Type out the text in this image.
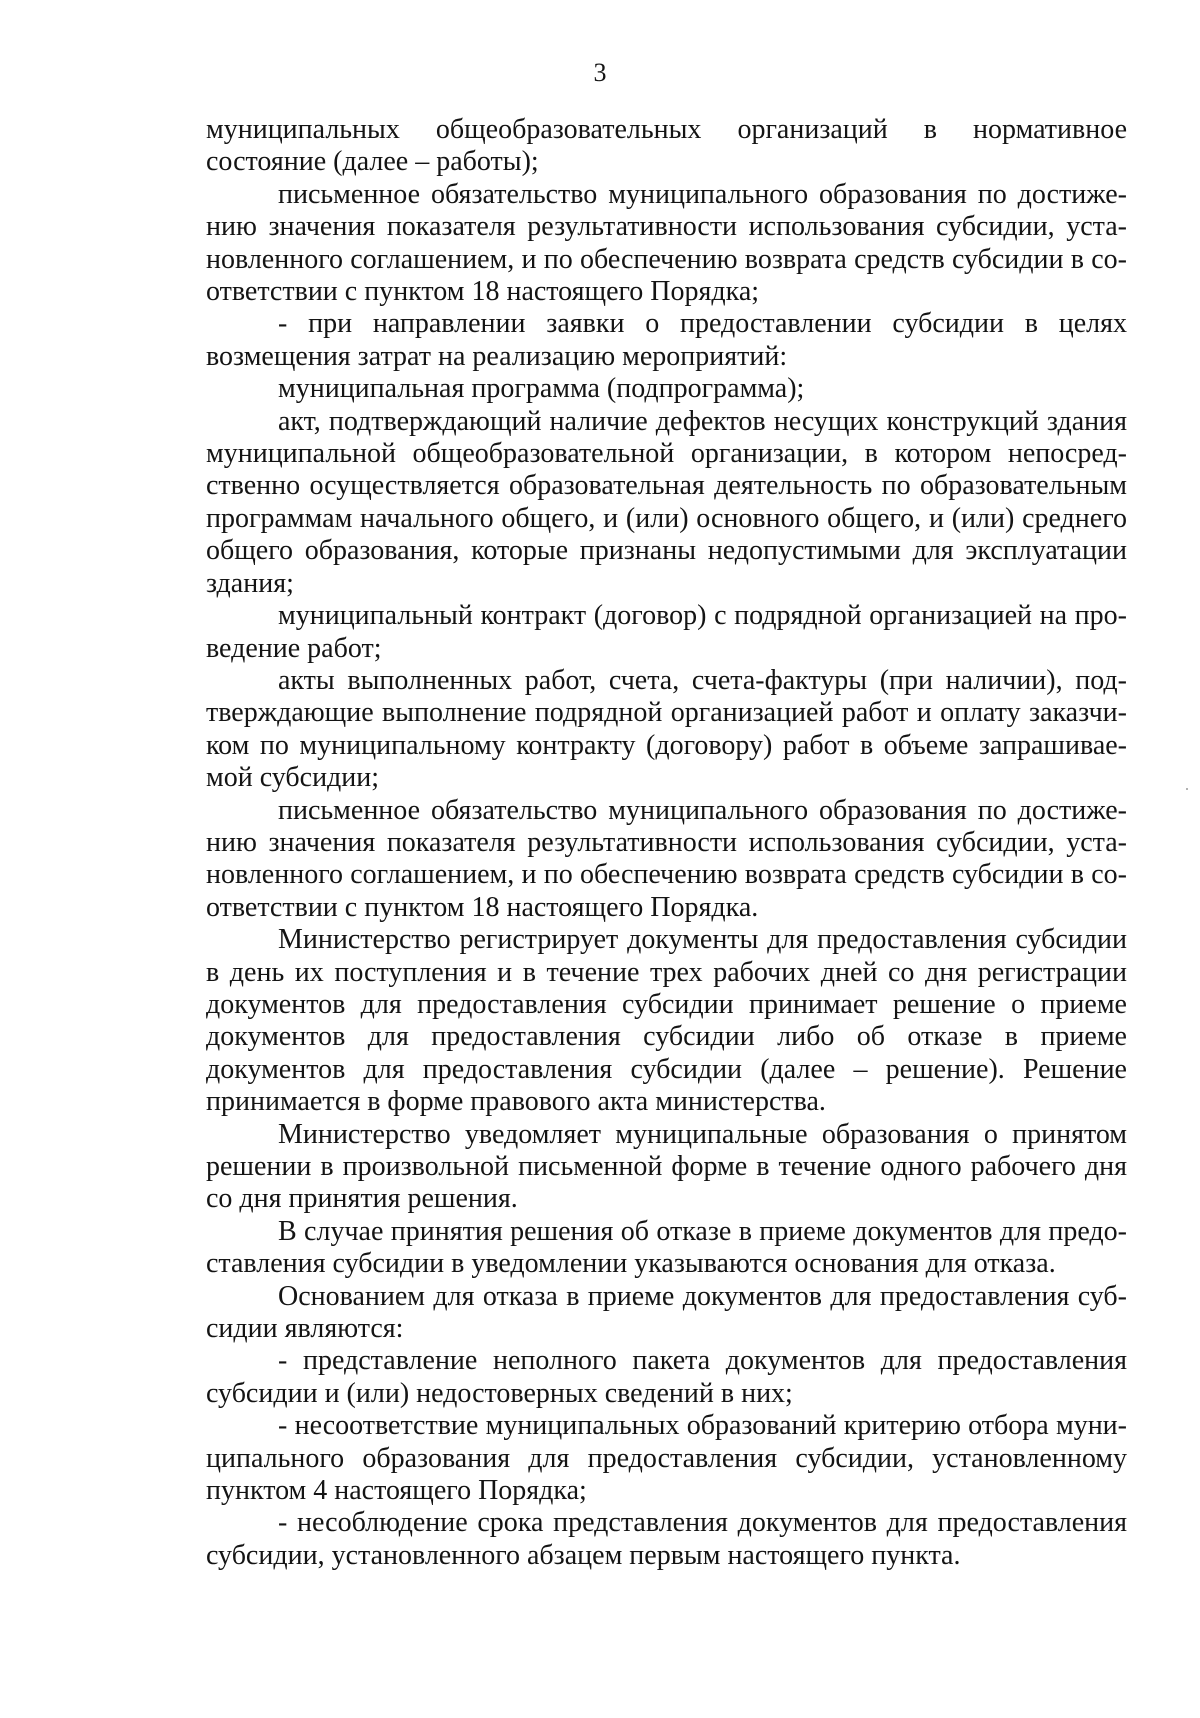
3

муниципальных общеобразовательных организаций в нормативное состояние (далее – работы);

письменное обязательство муниципального образования по достижению значения показателя результативности использования субсидии, установленного соглашением, и по обеспечению возврата средств субсидии в соответствии с пунктом 18 настоящего Порядка;

- при направлении заявки о предоставлении субсидии в целях возмещения затрат на реализацию мероприятий:

муниципальная программа (подпрограмма);

акт, подтверждающий наличие дефектов несущих конструкций здания муниципальной общеобразовательной организации, в котором непосредственно осуществляется образовательная деятельность по образовательным программам начального общего, и (или) основного общего, и (или) среднего общего образования, которые признаны недопустимыми для эксплуатации здания;

муниципальный контракт (договор) с подрядной организацией на проведение работ;

акты выполненных работ, счета, счета-фактуры (при наличии), подтверждающие выполнение подрядной организацией работ и оплату заказчиком по муниципальному контракту (договору) работ в объеме запрашиваемой субсидии;

письменное обязательство муниципального образования по достижению значения показателя результативности использования субсидии, установленного соглашением, и по обеспечению возврата средств субсидии в соответствии с пунктом 18 настоящего Порядка.

Министерство регистрирует документы для предоставления субсидии в день их поступления и в течение трех рабочих дней со дня регистрации документов для предоставления субсидии принимает решение о приеме документов для предоставления субсидии либо об отказе в приеме документов для предоставления субсидии (далее – решение). Решение принимается в форме правового акта министерства.

Министерство уведомляет муниципальные образования о принятом решении в произвольной письменной форме в течение одного рабочего дня со дня принятия решения.

В случае принятия решения об отказе в приеме документов для предоставления субсидии в уведомлении указываются основания для отказа.

Основанием для отказа в приеме документов для предоставления субсидии являются:

- представление неполного пакета документов для предоставления субсидии и (или) недостоверных сведений в них;

- несоответствие муниципальных образований критерию отбора муниципального образования для предоставления субсидии, установленному пунктом 4 настоящего Порядка;

- несоблюдение срока представления документов для предоставления субсидии, установленного абзацем первым настоящего пункта.
